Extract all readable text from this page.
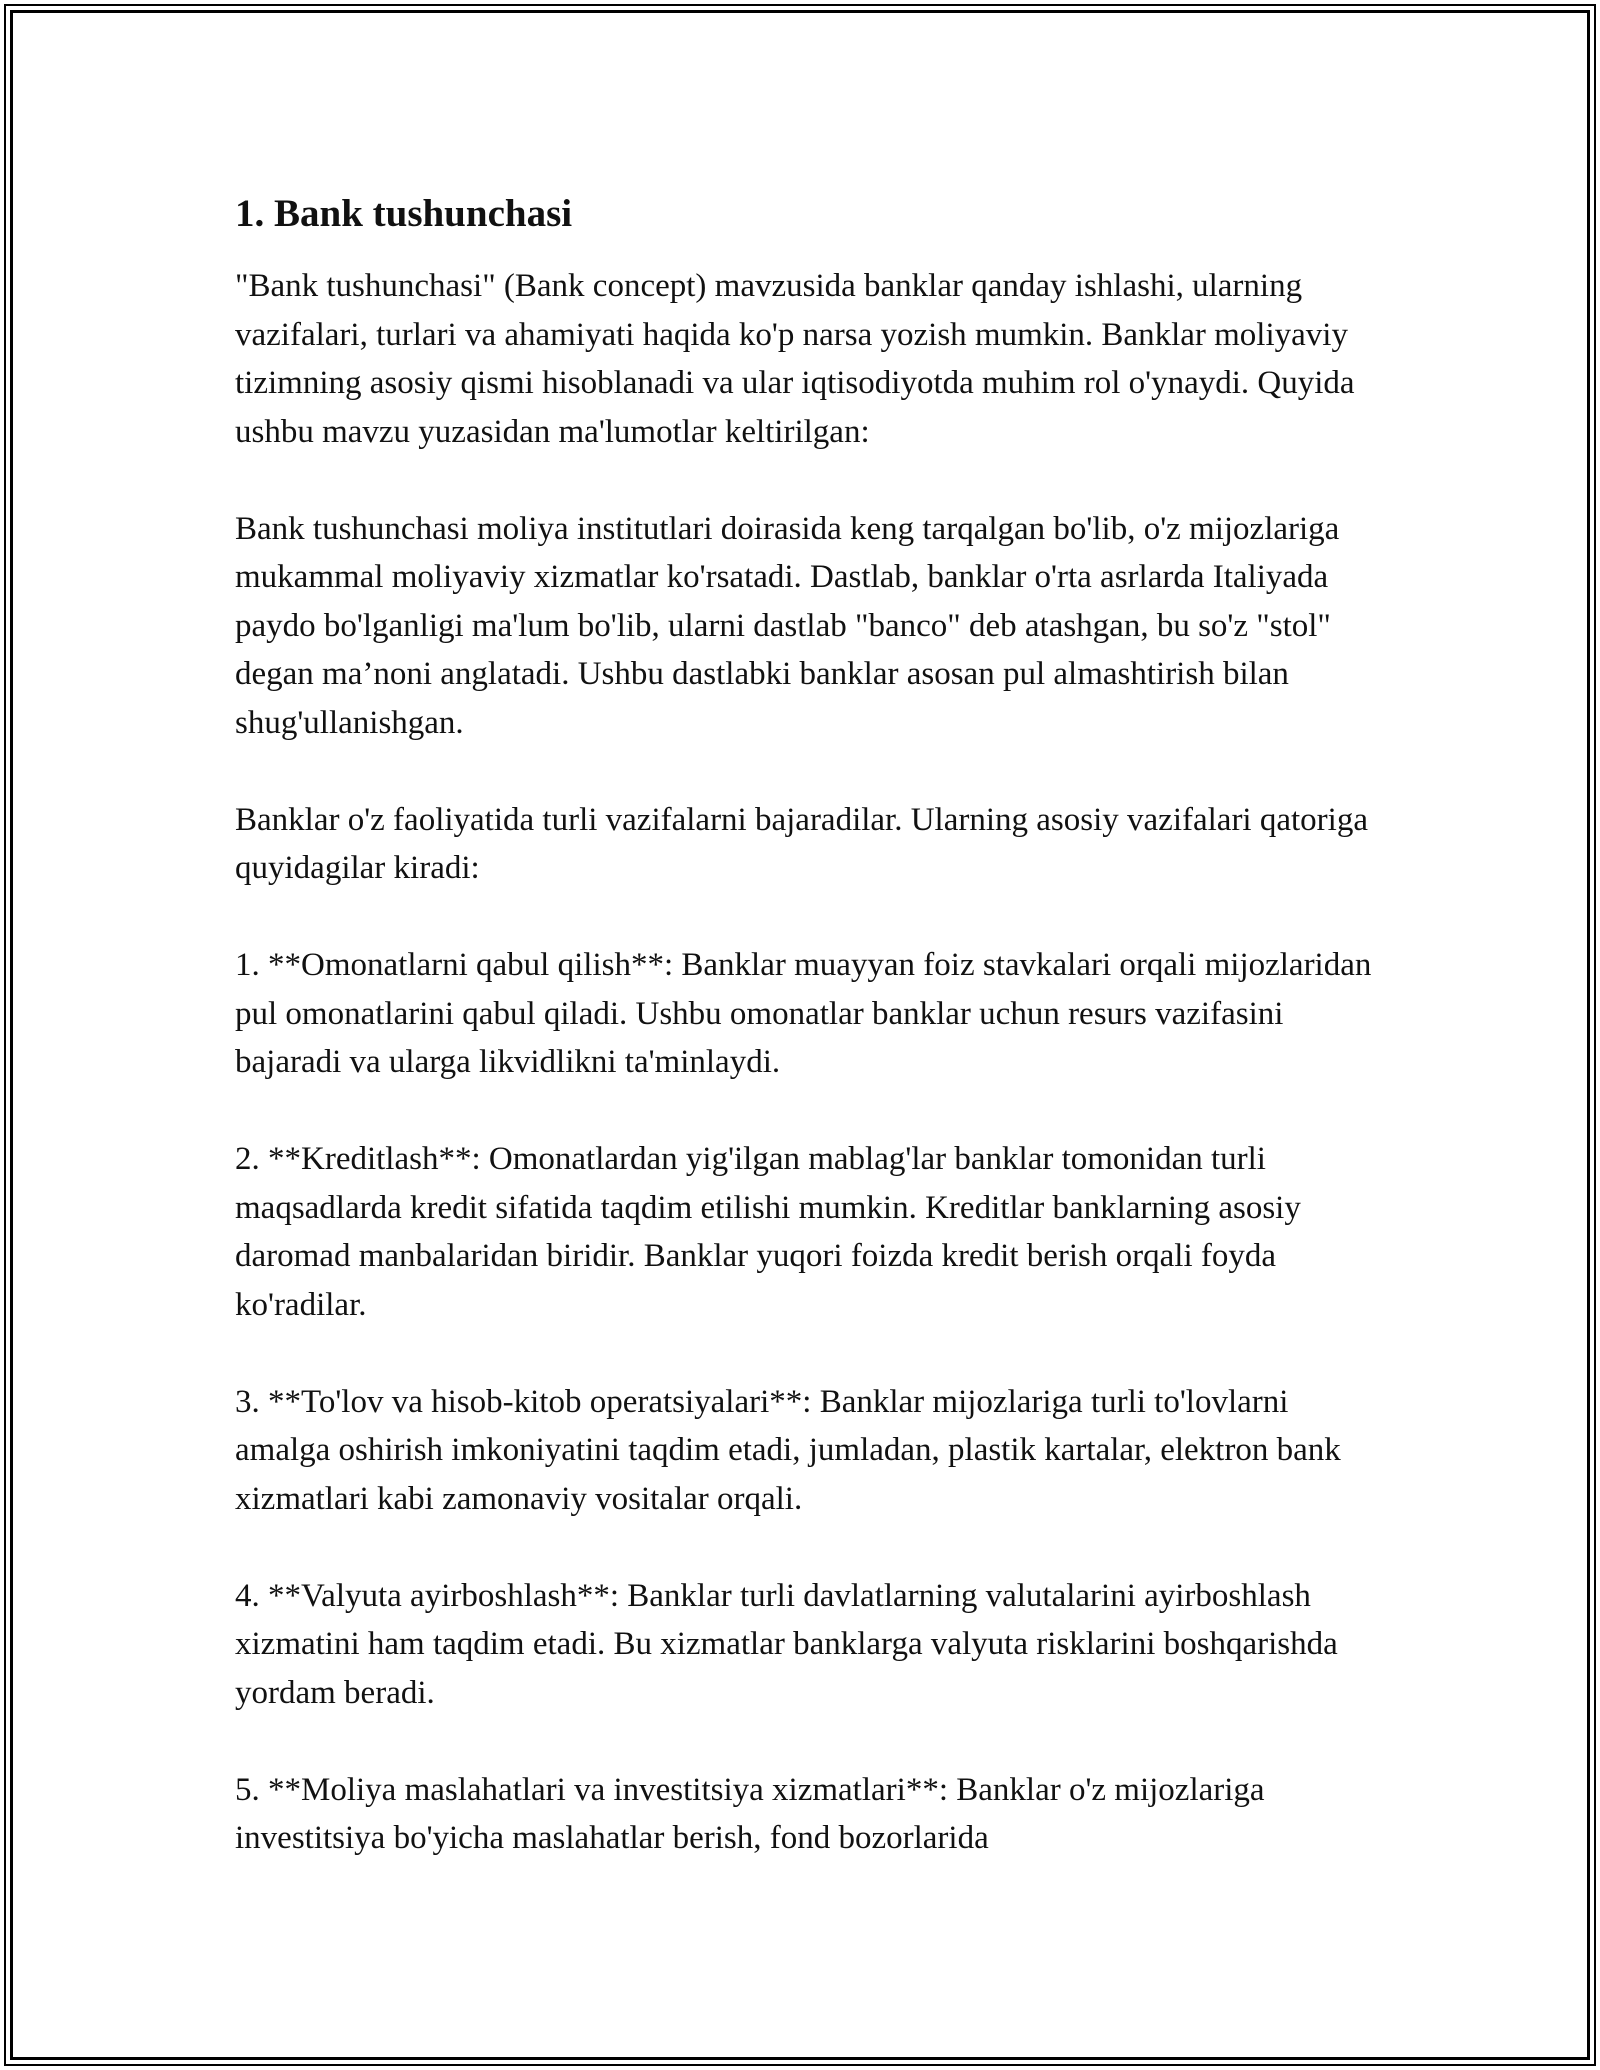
1. Bank tushunchasi

"Bank tushunchasi" (Bank concept) mavzusida banklar qanday ishlashi, ularning vazifalari, turlari va ahamiyati haqida ko'p narsa yozish mumkin. Banklar moliyaviy tizimning asosiy qismi hisoblanadi va ular iqtisodiyotda muhim rol o'ynaydi. Quyida ushbu mavzu yuzasidan ma'lumotlar keltirilgan:

Bank tushunchasi moliya institutlari doirasida keng tarqalgan bo'lib, o'z mijozlariga mukammal moliyaviy xizmatlar ko'rsatadi. Dastlab, banklar o'rta asrlarda Italiyada paydo bo'lganligi ma'lum bo'lib, ularni dastlab "banco" deb atashgan, bu so'z "stol" degan ma’noni anglatadi. Ushbu dastlabki banklar asosan pul almashtirish bilan shug'ullanishgan.

Banklar o'z faoliyatida turli vazifalarni bajaradilar. Ularning asosiy vazifalari qatoriga quyidagilar kiradi:

1. **Omonatlarni qabul qilish**: Banklar muayyan foiz stavkalari orqali mijozlaridan pul omonatlarini qabul qiladi. Ushbu omonatlar banklar uchun resurs vazifasini bajaradi va ularga likvidlikni ta'minlaydi.

2. **Kreditlash**: Omonatlardan yig'ilgan mablag'lar banklar tomonidan turli maqsadlarda kredit sifatida taqdim etilishi mumkin. Kreditlar banklarning asosiy daromad manbalaridan biridir. Banklar yuqori foizda kredit berish orqali foyda ko'radilar.

3. **To'lov va hisob-kitob operatsiyalari**: Banklar mijozlariga turli to'lovlarni amalga oshirish imkoniyatini taqdim etadi, jumladan, plastik kartalar, elektron bank xizmatlari kabi zamonaviy vositalar orqali.

4. **Valyuta ayirboshlash**: Banklar turli davlatlarning valutalarini ayirboshlash xizmatini ham taqdim etadi. Bu xizmatlar banklarga valyuta risklarini boshqarishda yordam beradi.

5. **Moliya maslahatlari va investitsiya xizmatlari**: Banklar o'z mijozlariga investitsiya bo'yicha maslahatlar berish, fond bozorlarida
